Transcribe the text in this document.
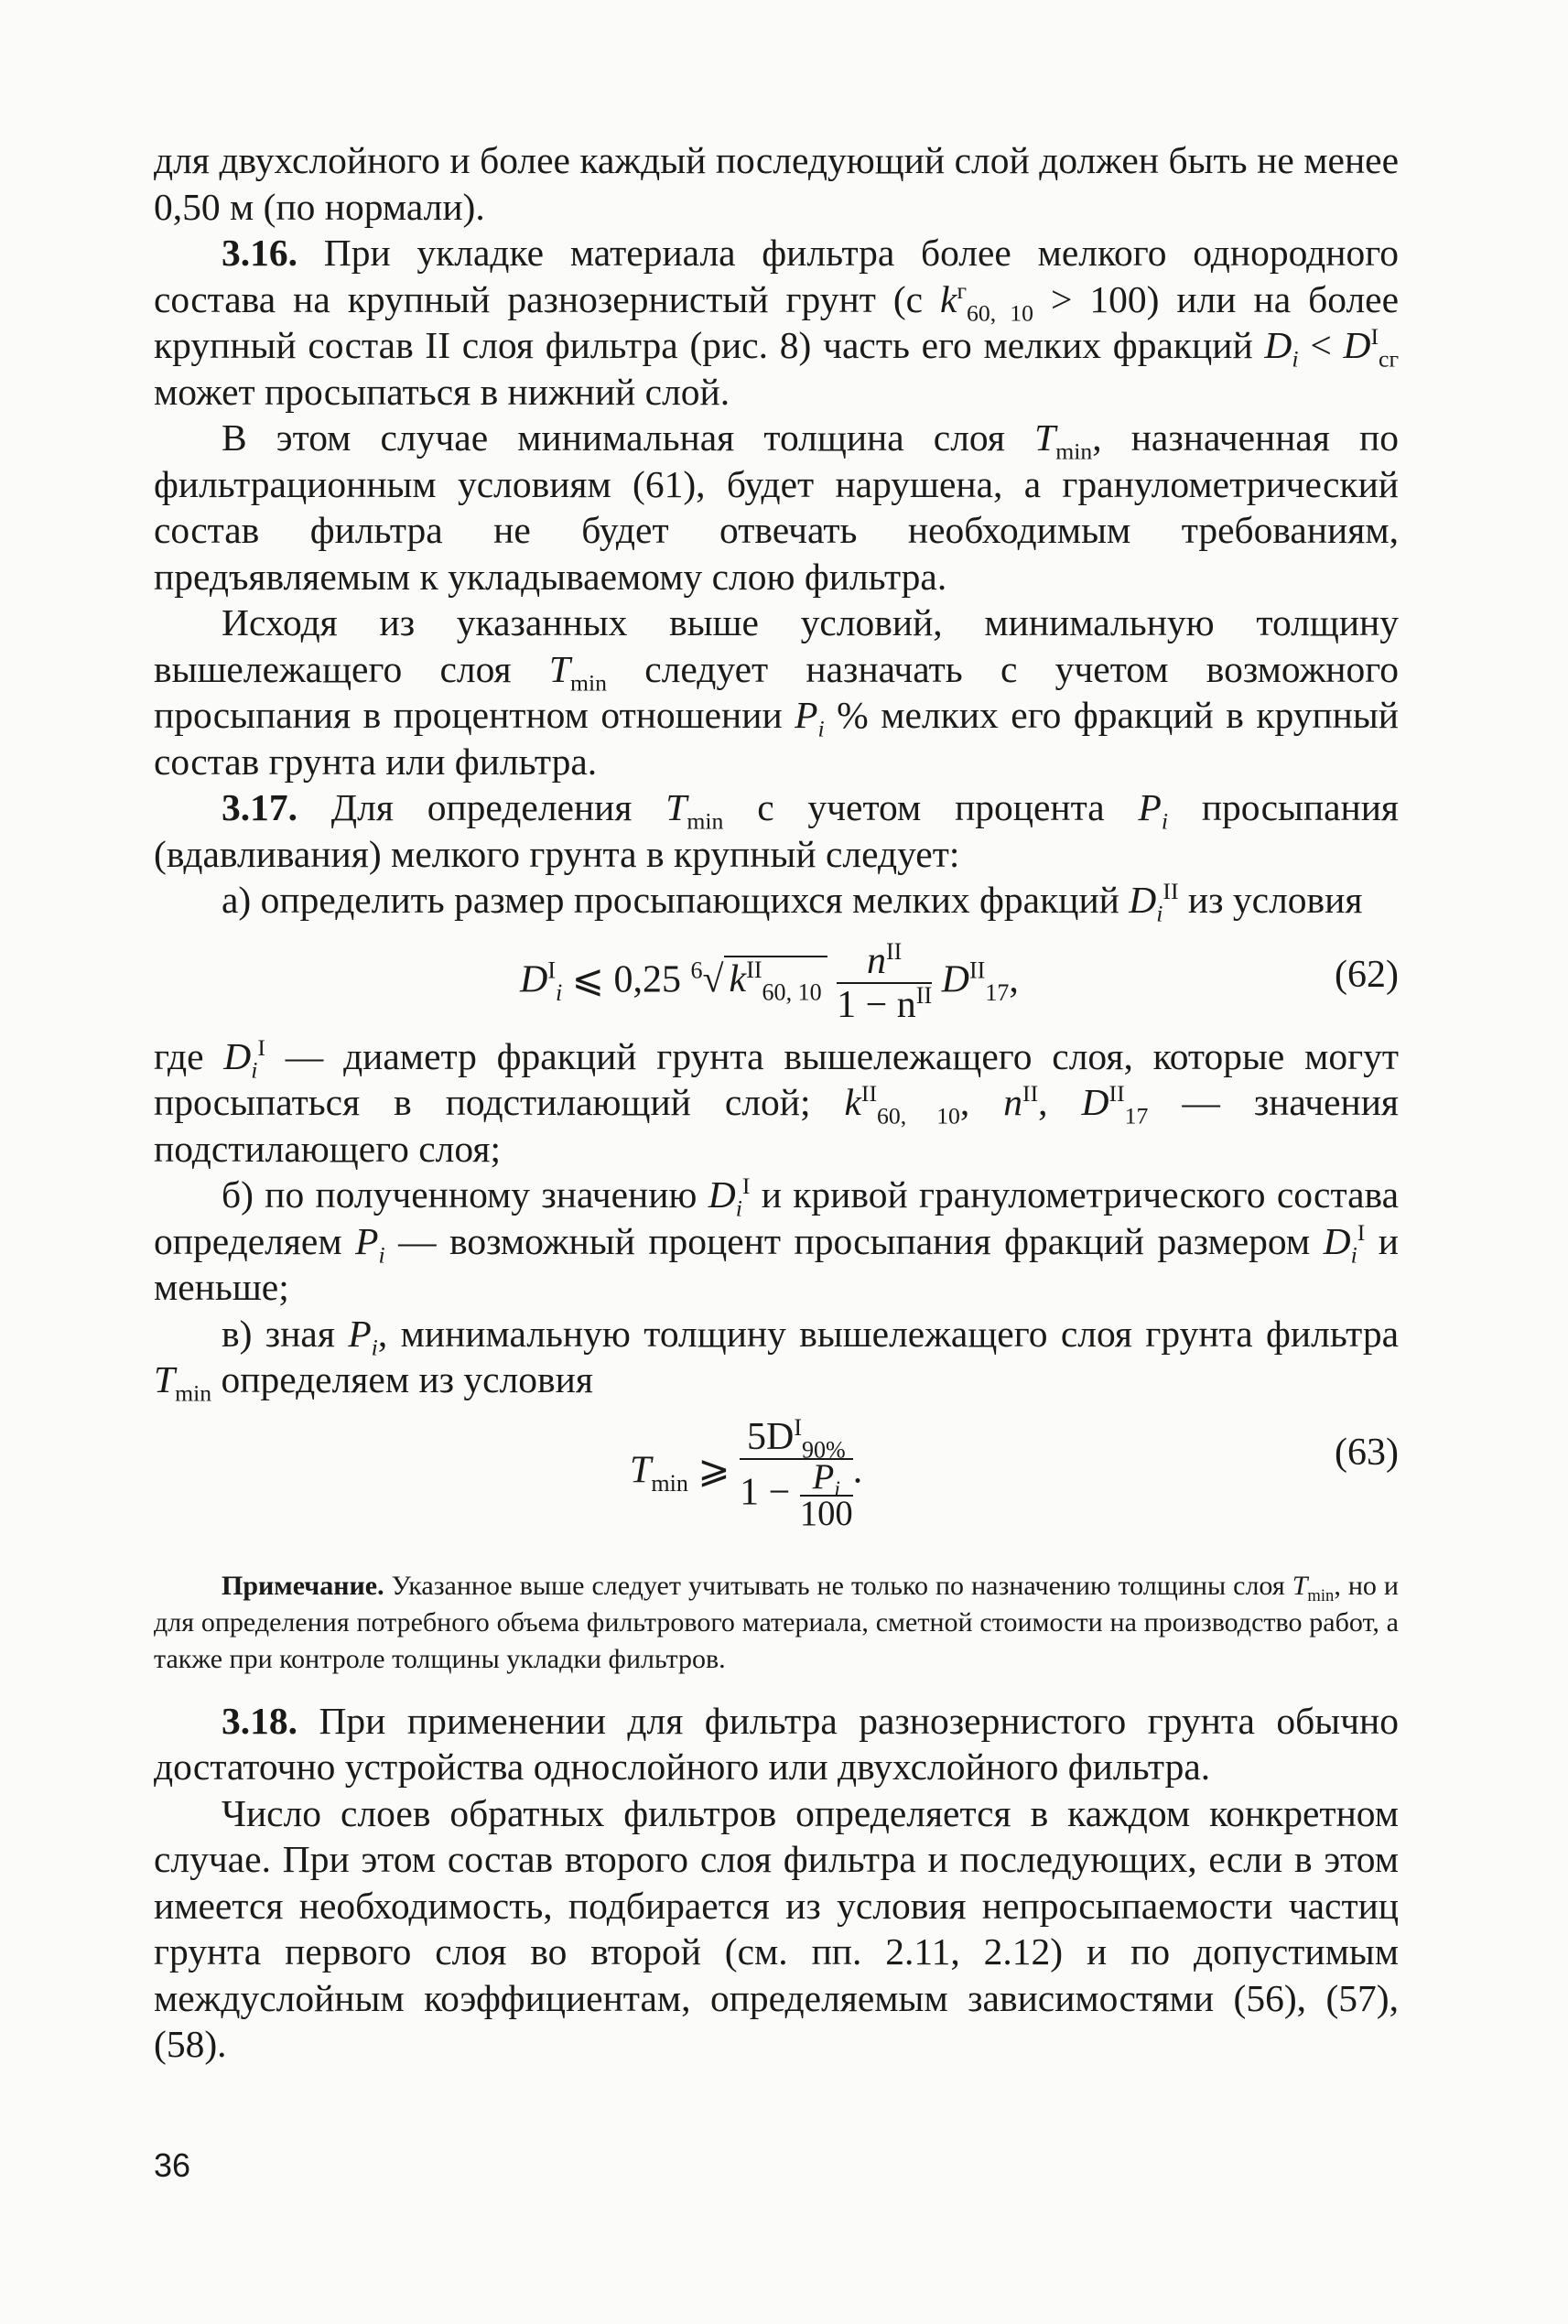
для двухслойного и более каждый последующий слой должен быть не менее 0,50 м (по нормали).

3.16. При укладке материала фильтра более мелкого однородного состава на крупный разнозернистый грунт (с $k^г_{60, 10} > 100$) или на более крупный состав II слоя фильтра (рис. 8) часть его мелких фракций $D_i < D^I_{сг}$ может просыпаться в нижний слой.

В этом случае минимальная толщина слоя $T_{min}$, назначенная по фильтрационным условиям (61), будет нарушена, а гранулометрический состав фильтра не будет отвечать необходимым требованиям, предъявляемым к укладываемому слою фильтра.

Исходя из указанных выше условий, минимальную толщину вышележащего слоя $T_{min}$ следует назначать с учетом возможного просыпания в процентном отношении $P_i$ % мелких его фракций в крупный состав грунта или фильтра.

3.17. Для определения $T_{min}$ с учетом процента $P_i$ просыпания (вдавливания) мелкого грунта в крупный следует:

а) определить размер просыпающихся мелких фракций $D_i^{II}$ из условия

$D^I_i$ ⩽ 0,25 $^6$√ $k^{II}_{60, 10} \frac{n^{II}}{1 - n^{II}} D^{II}_{17}$,	(62)

где $D_i^I$ — диаметр фракций грунта вышележащего слоя, которые могут просыпаться в подстилающий слой; $k^{II}_{60, 10}$, $n^{II}$, $D^{II}_{17}$ — значения подстилающего слоя;

б) по полученному значению $D_i^I$ и кривой гранулометрического состава определяем $P_i$ — возможный процент просыпания фракций размером $D_i^I$ и меньше;

в) зная $P_i$, минимальную толщину вышележащего слоя грунта фильтра $T_{min}$ определяем из условия

$T_{min}$ ⩾ $\frac{5D^I_{90\%}}{1 - \frac{P_i}{100}}$ .	(63)

Примечание. Указанное выше следует учитывать не только по назначению толщины слоя $T_{min}$, но и для определения потребного объема фильтрового материала, сметной стоимости на производство работ, а также при контроле толщины укладки фильтров.

3.18. При применении для фильтра разнозернистого грунта обычно достаточно устройства однослойного или двухслойного фильтра.

Число слоев обратных фильтров определяется в каждом конкретном случае. При этом состав второго слоя фильтра и последующих, если в этом имеется необходимость, подбирается из условия непросыпаемости частиц грунта первого слоя во второй (см. пп. 2.11, 2.12) и по допустимым междуслойным коэффициентам, определяемым зависимостями (56), (57), (58).

36
